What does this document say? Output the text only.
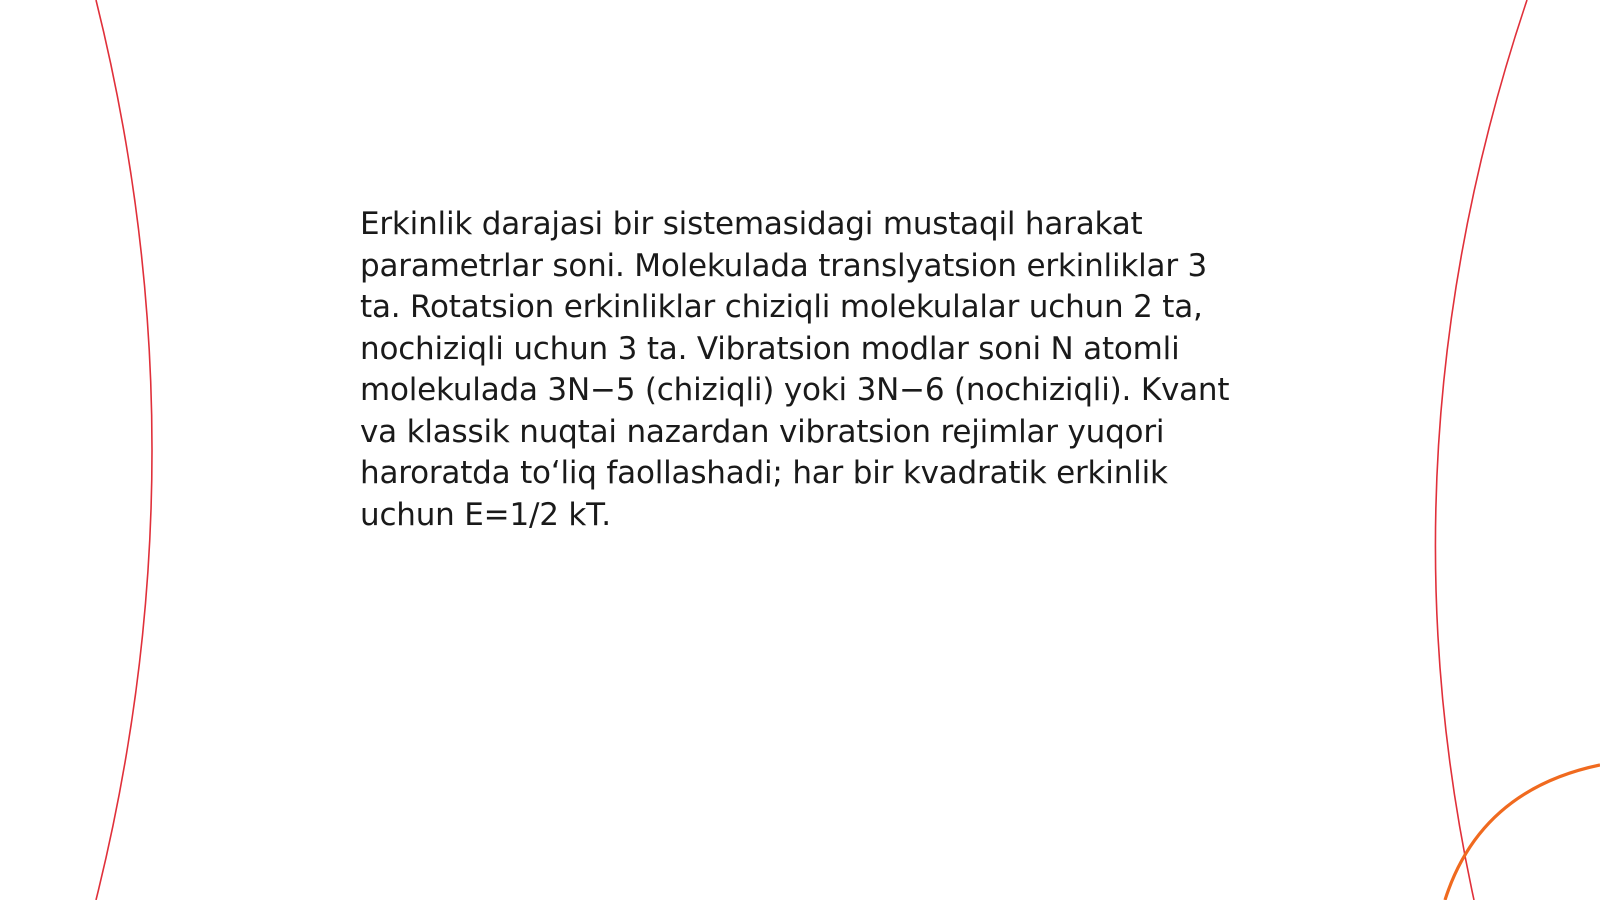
Erkinlik darajasi bir sistemasidagi mustaqil harakat parametrlar soni. Molekulada translyatsion erkinliklar 3 ta. Rotatsion erkinliklar chiziqli molekulalar uchun 2 ta, nochiziqli uchun 3 ta. Vibratsion modlar soni N atomli molekulada 3N−5 (chiziqli) yoki 3N−6 (nochiziqli). Kvant va klassik nuqtai nazardan vibratsion rejimlar yuqori haroratda to‘liq faollashadi; har bir kvadratik erkinlik uchun E=1/2 kT.
